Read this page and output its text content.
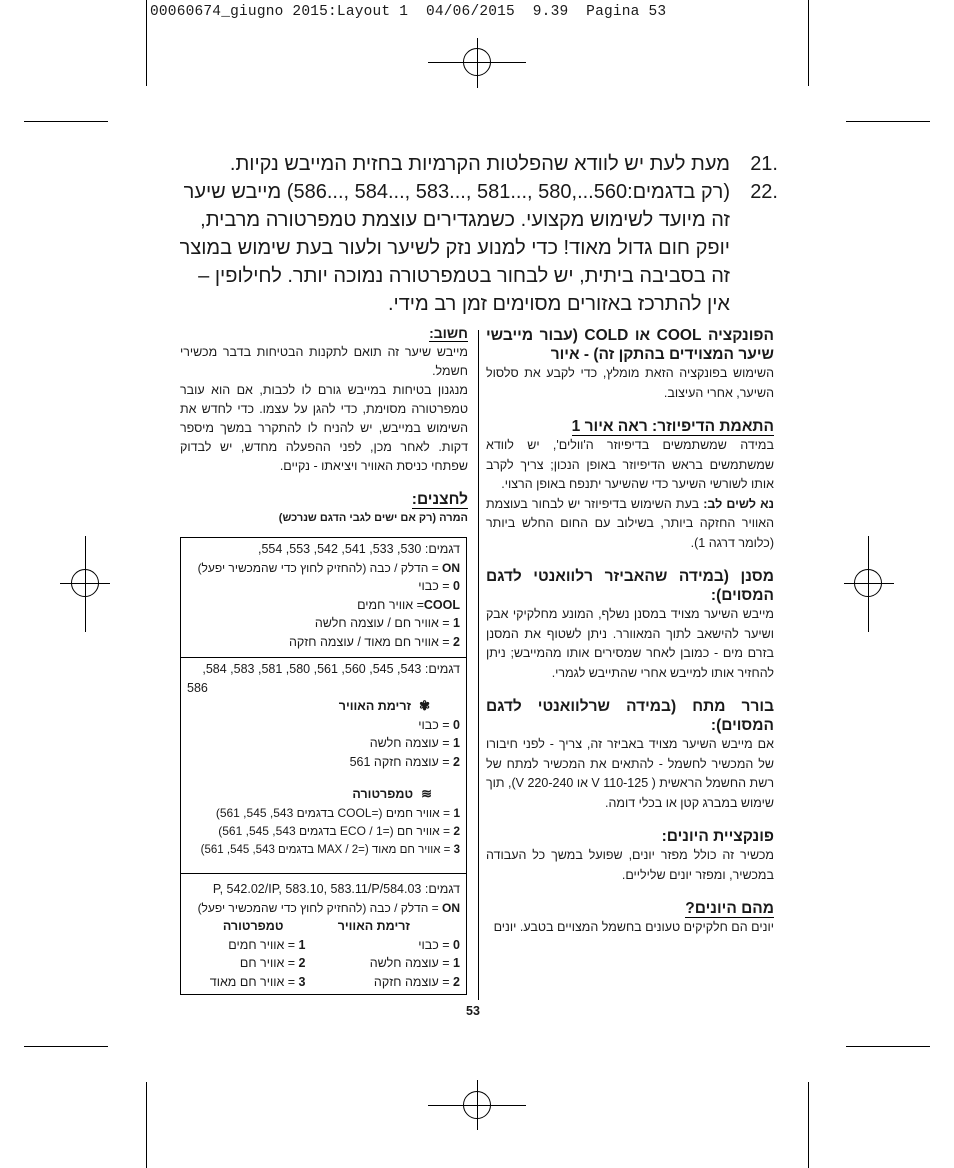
00060674_giugno 2015:Layout 1  04/06/2015  9.39  Pagina 53
21.
מעת לעת יש לוודא שהפלטות הקרמיות בחזית המייבש נקיות.
22.
(רק בדגמים:560...,580 ,...581 ,...583 ,...584 ,...586) מייבש שיער זה מיועד לשימוש מקצועי. כשמגדירים עוצמת טמפרטורה מרבית, יופק חום גדול מאוד! כדי למנוע נזק לשיער ולעור בעת שימוש במוצר זה בסביבה ביתית, יש לבחור בטמפרטורה נמוכה יותר. לחילופין – אין להתרכז באזורים מסוימים זמן רב מידי.
הפונקציה COOL או COLD (עבור מייבשי שיער המצוידים בהתקן זה) - איור

השימוש בפונקציה הזאת מומלץ, כדי לקבע את סלסול השיער, אחרי העיצוב.

התאמת הדיפיוזר: ראה איור 1

במידה שמשתמשים בדיפיוזר ה'וולים', יש לוודא שמשתמשים בראש הדיפיוזר באופן הנכון; צריך לקרב אותו לשורשי השיער כדי שהשיער יתנפח באופן הרצוי.

נא לשים לב: בעת השימוש בדיפיוזר יש לבחור בעוצמת האוויר החזקה ביותר, בשילוב עם החום החלש ביותר (כלומר דרגה 1).

מסנן (במידה שהאביזר רלוואנטי לדגם המסוים):

מייבש השיער מצויד במסנן נשלף, המונע מחלקיקי אבק ושיער להישאב לתוך המאוורר. ניתן לשטוף את המסנן בזרם מים - כמובן לאחר שמסירים אותו מהמייבש; ניתן להחזיר אותו למייבש אחרי שהתייבש לגמרי.

בורר מתח (במידה שרלוואנטי לדגם המסוים):

אם מייבש השיער מצויד באביזר זה, צריך - לפני חיבורו של המכשיר לחשמל - להתאים את המכשיר למתח של רשת החשמל הראשית ( V 110-125 או V 220-240), תוך שימוש במברג קטן או בכלי דומה.

פונקציית היונים:

מכשיר זה כולל מפזר יונים, שפועל במשך כל העבודה במכשיר, ומפזר יונים שליליים.

מהם היונים?

יונים הם חלקיקים טעונים בחשמל המצויים בטבע. יונים

חשוב:

מייבש שיער זה תואם לתקנות הבטיחות בדבר מכשירי חשמל.

מנגנון בטיחות במייבש גורם לו לכבות, אם הוא עובר טמפרטורה מסוימת, כדי להגן על עצמו. כדי לחדש את השימוש במייבש, יש להניח לו להתקרר במשך מיספר דקות. לאחר מכן, לפני ההפעלה מחדש, יש לבדוק שפתחי כניסת האוויר ויציאתו - נקיים.

לחצנים:

המרה (רק אם ישים לגבי הדגם שנרכש)

דגמים: 530, 533, 541, 542, 553, 554,
ON = הדלק / כבה (להחזיק לחוץ כדי שהמכשיר יפעל)
0 = כבוי
COOL= אוויר חמים
1 = אוויר חם / עוצמה חלשה
2 = אוויר חם מאוד / עוצמה חזקה
דגמים: 543, 545, 560, 561, 580, 581, 583, 584,
586
✾זרימת האוויר
0 = כבוי
1 = עוצמה חלשה
2 = עוצמה חזקה 561
≋טמפרטורה
1 = אוויר חמים (=COOL בדגמים 543, 545, 561)
2 = אוויר חם (=1 / ECO בדגמים 543, 545, 561)
3 = אוויר חם מאוד (=2 / MAX בדגמים 543, 545, 561)
דגמים: 584.03/P, 542.02/IP, 583.10, 583.11/P
ON = הדלק / כבה (להחזיק לחוץ כדי שהמכשיר יפעל)
זרימת האוויר
0 = כבוי
1 = עוצמה חלשה
2 = עוצמה חזקה
טמפרטורה
1 = אוויר חמים
2 = אוויר חם
3 = אוויר חם מאוד
53
